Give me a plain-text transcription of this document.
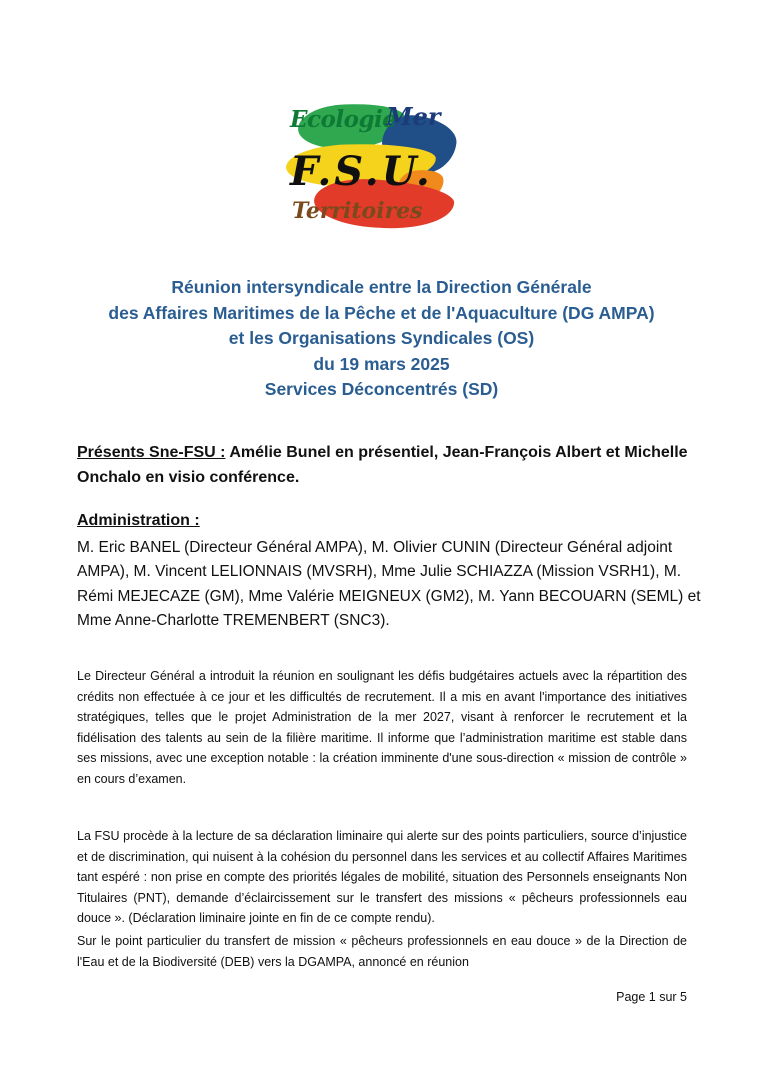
Ecologie
Mer
F.S.U.
Territoires
Réunion intersyndicale entre la Direction Générale
des Affaires Maritimes de la Pêche et de l'Aquaculture (DG AMPA)
et les Organisations Syndicales (OS)
du 19 mars 2025
Services Déconcentrés (SD)
Présents Sne-FSU : Amélie Bunel en présentiel, Jean-François Albert et Michelle Onchalo en visio conférence.
Administration :
M. Eric BANEL (Directeur Général AMPA), M. Olivier CUNIN (Directeur Général adjoint AMPA), M. Vincent LELIONNAIS (MVSRH), Mme Julie SCHIAZZA (Mission VSRH1), M. Rémi MEJECAZE (GM), Mme Valérie MEIGNEUX (GM2), M. Yann BECOUARN (SEML) et Mme Anne-Charlotte TREMENBERT (SNC3).

Le Directeur Général a introduit la réunion en soulignant les défis budgétaires actuels avec la répartition des crédits non effectuée à ce jour et les difficultés de recrutement. Il a mis en avant l'importance des initiatives stratégiques, telles que le projet Administration de la mer 2027, visant à renforcer le recrutement et la fidélisation des talents au sein de la filière maritime. Il informe que l’administration maritime est stable dans ses missions, avec une exception notable : la création imminente d'une sous-direction « mission de contrôle » en cours d’examen.

La FSU procède à la lecture de sa déclaration liminaire qui alerte sur des points particuliers, source d’injustice et de discrimination, qui nuisent à la cohésion du personnel dans les services et au collectif Affaires Maritimes tant espéré : non prise en compte des priorités légales de mobilité, situation des Personnels enseignants Non Titulaires (PNT), demande d’éclaircissement sur le transfert des missions « pêcheurs professionnels eau douce ». (Déclaration liminaire jointe en fin de ce compte rendu).

Sur le point particulier du transfert de mission « pêcheurs professionnels en eau douce » de la Direction de l'Eau et de la Biodiversité (DEB) vers la DGAMPA, annoncé en réunion

Page 1 sur 5
